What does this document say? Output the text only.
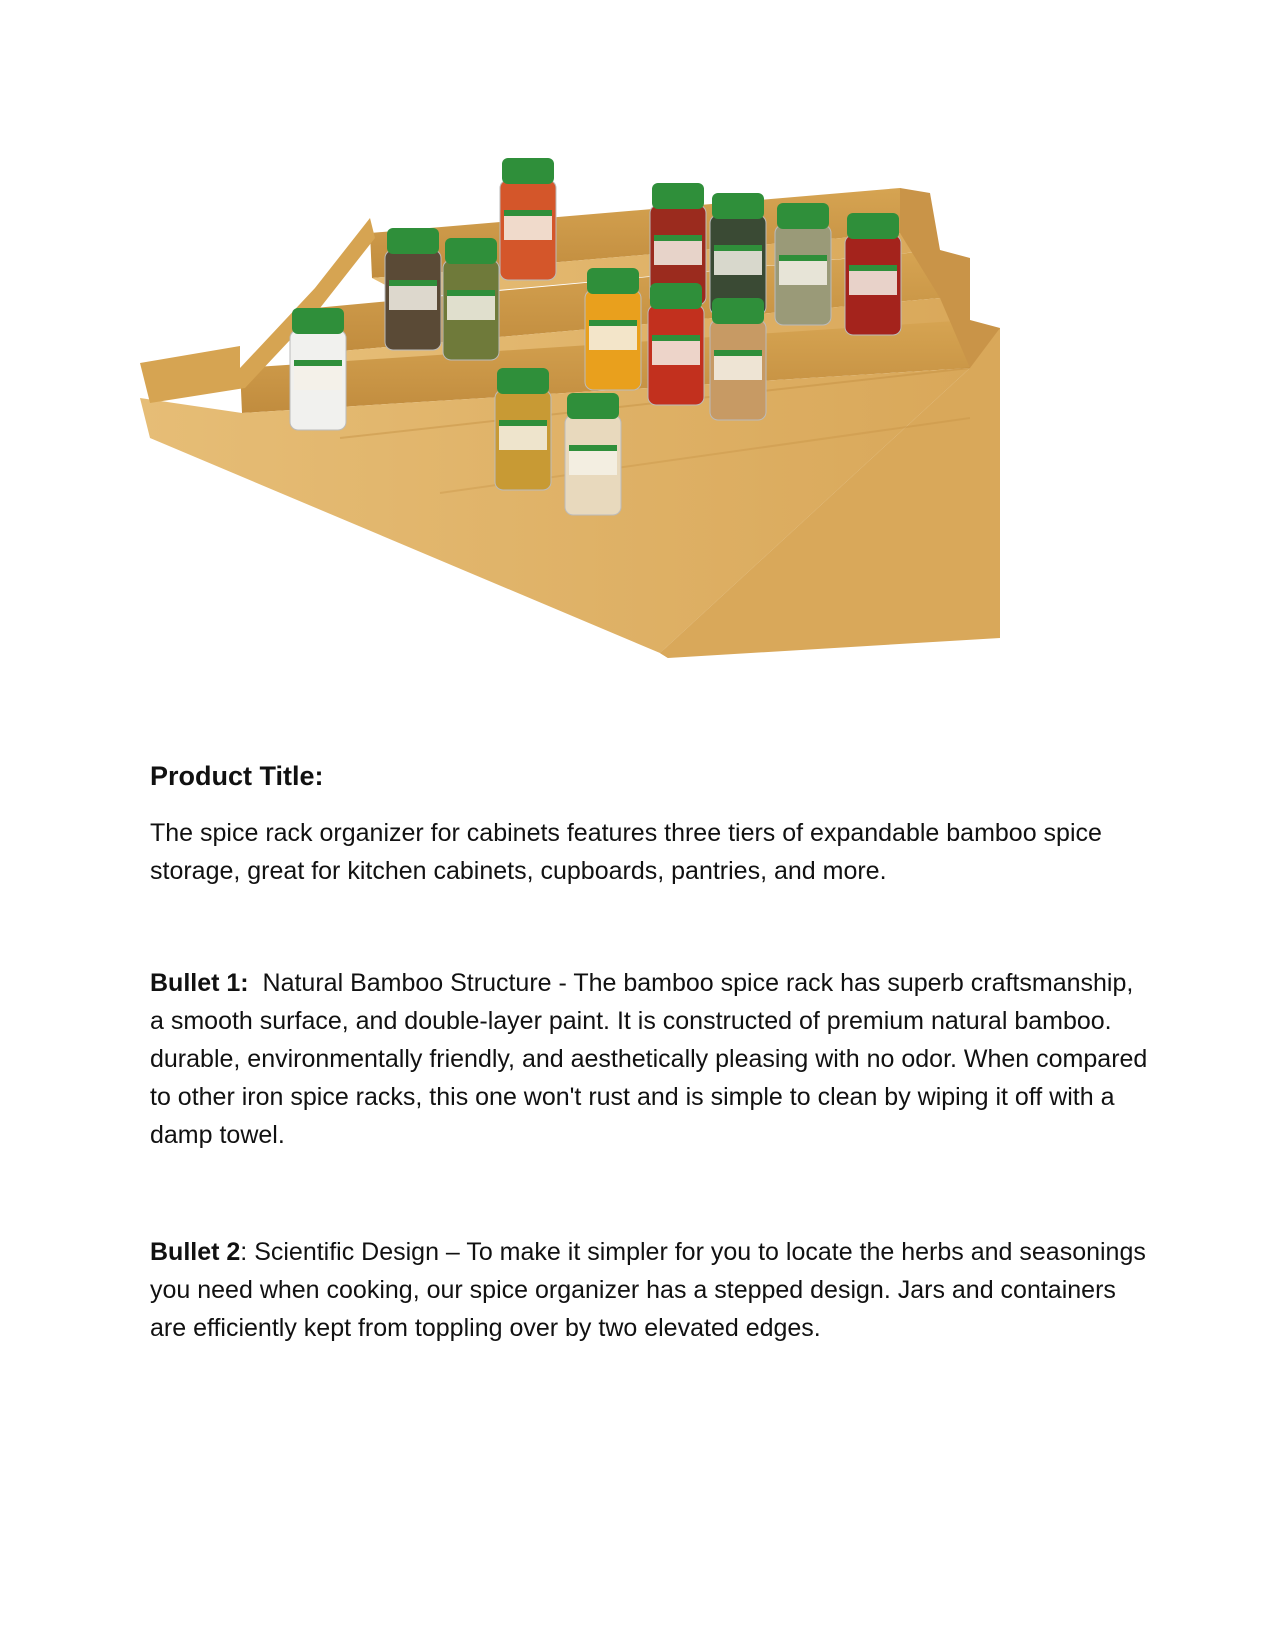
Product Title:

The spice rack organizer for cabinets features three tiers of expandable bamboo spice storage, great for kitchen cabinets, cupboards, pantries, and more.

Bullet 1: Natural Bamboo Structure - The bamboo spice rack has superb craftsmanship, a smooth surface, and double-layer paint. It is constructed of premium natural bamboo. durable, environmentally friendly, and aesthetically pleasing with no odor. When compared to other iron spice racks, this one won't rust and is simple to clean by wiping it off with a damp towel.

Bullet 2: Scientific Design – To make it simpler for you to locate the herbs and seasonings you need when cooking, our spice organizer has a stepped design. Jars and containers are efficiently kept from toppling over by two elevated edges.
